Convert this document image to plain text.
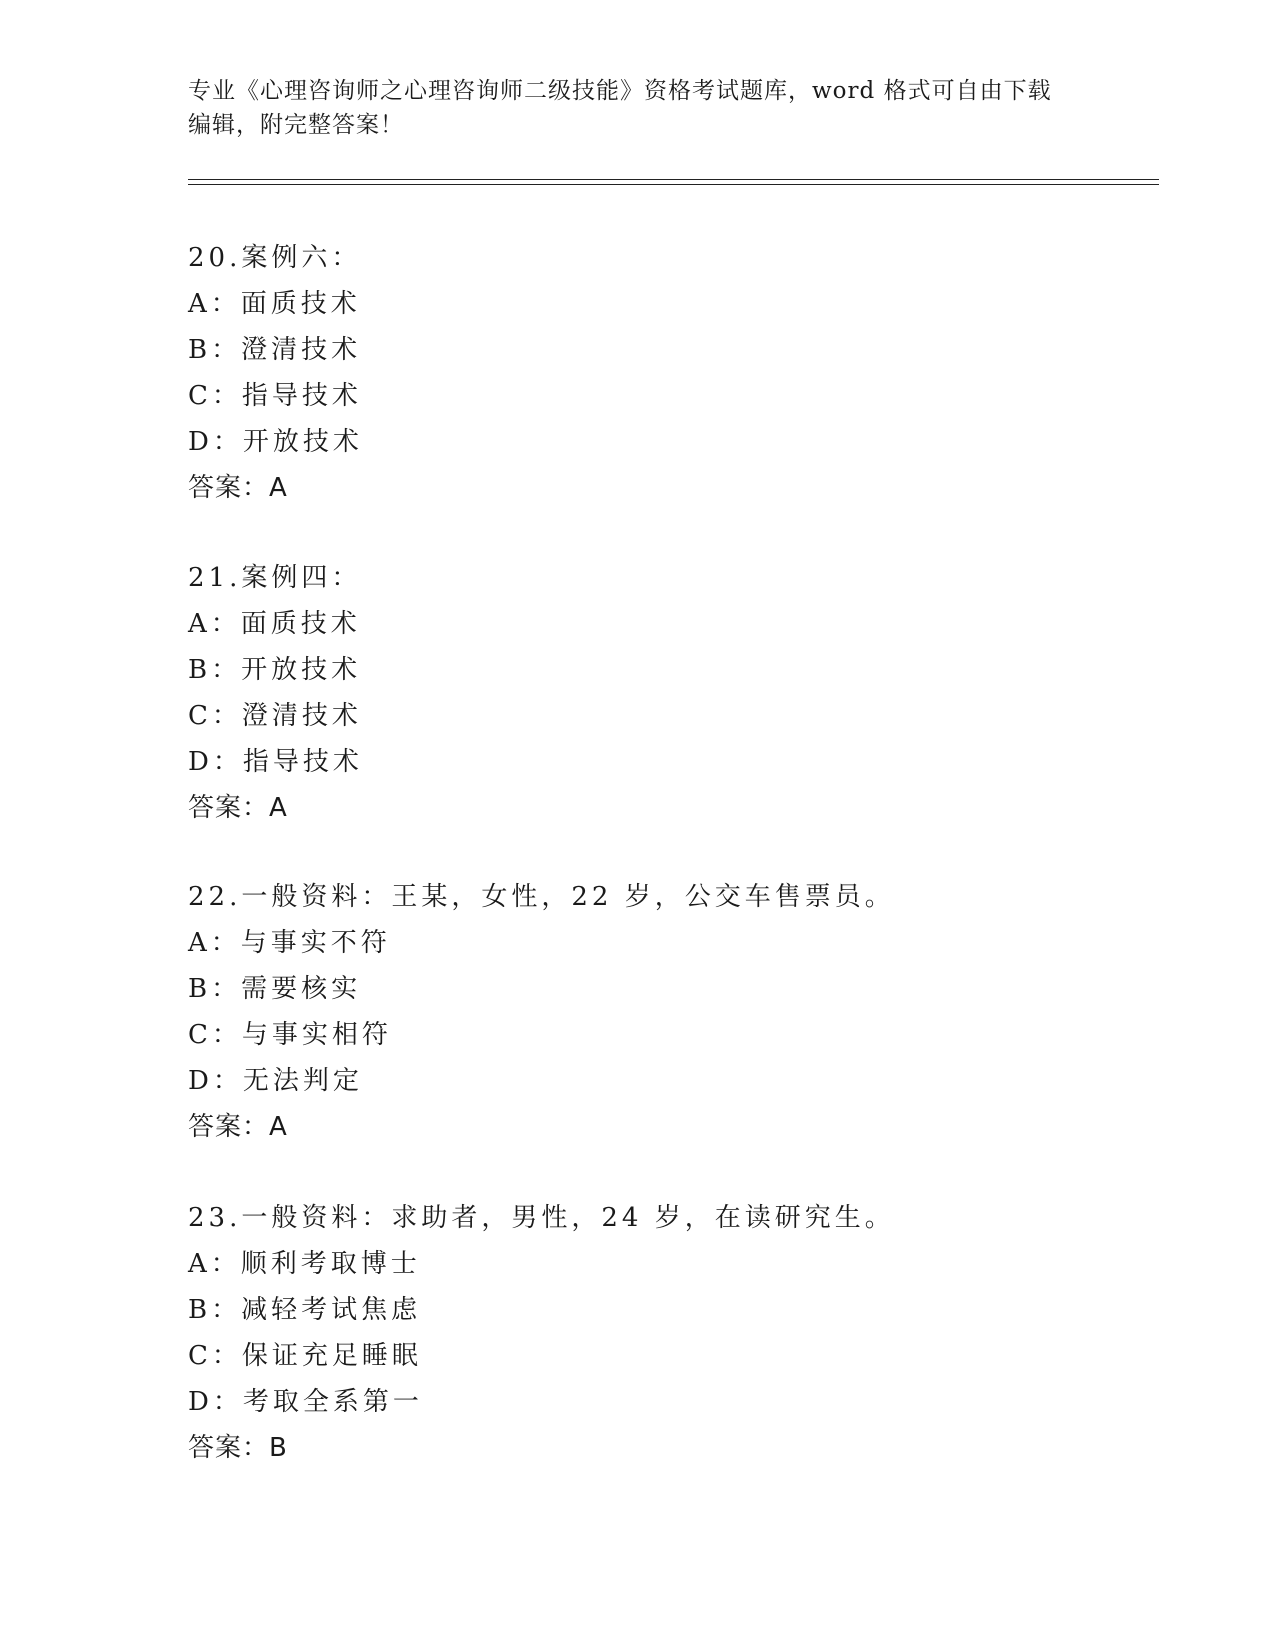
专业《心理咨询师之心理咨询师二级技能》资格考试题库，word 格式可自由下载
编辑，附完整答案！
20.案例六：
A：面质技术
B：澄清技术
C：指导技术
D：开放技术
答案：A
21.案例四：
A：面质技术
B：开放技术
C：澄清技术
D：指导技术
答案：A
22.一般资料：王某，女性，22 岁，公交车售票员。
A：与事实不符
B：需要核实
C：与事实相符
D：无法判定
答案：A
23.一般资料：求助者，男性，24 岁，在读研究生。
A：顺利考取博士
B：减轻考试焦虑
C：保证充足睡眠
D：考取全系第一
答案：B
